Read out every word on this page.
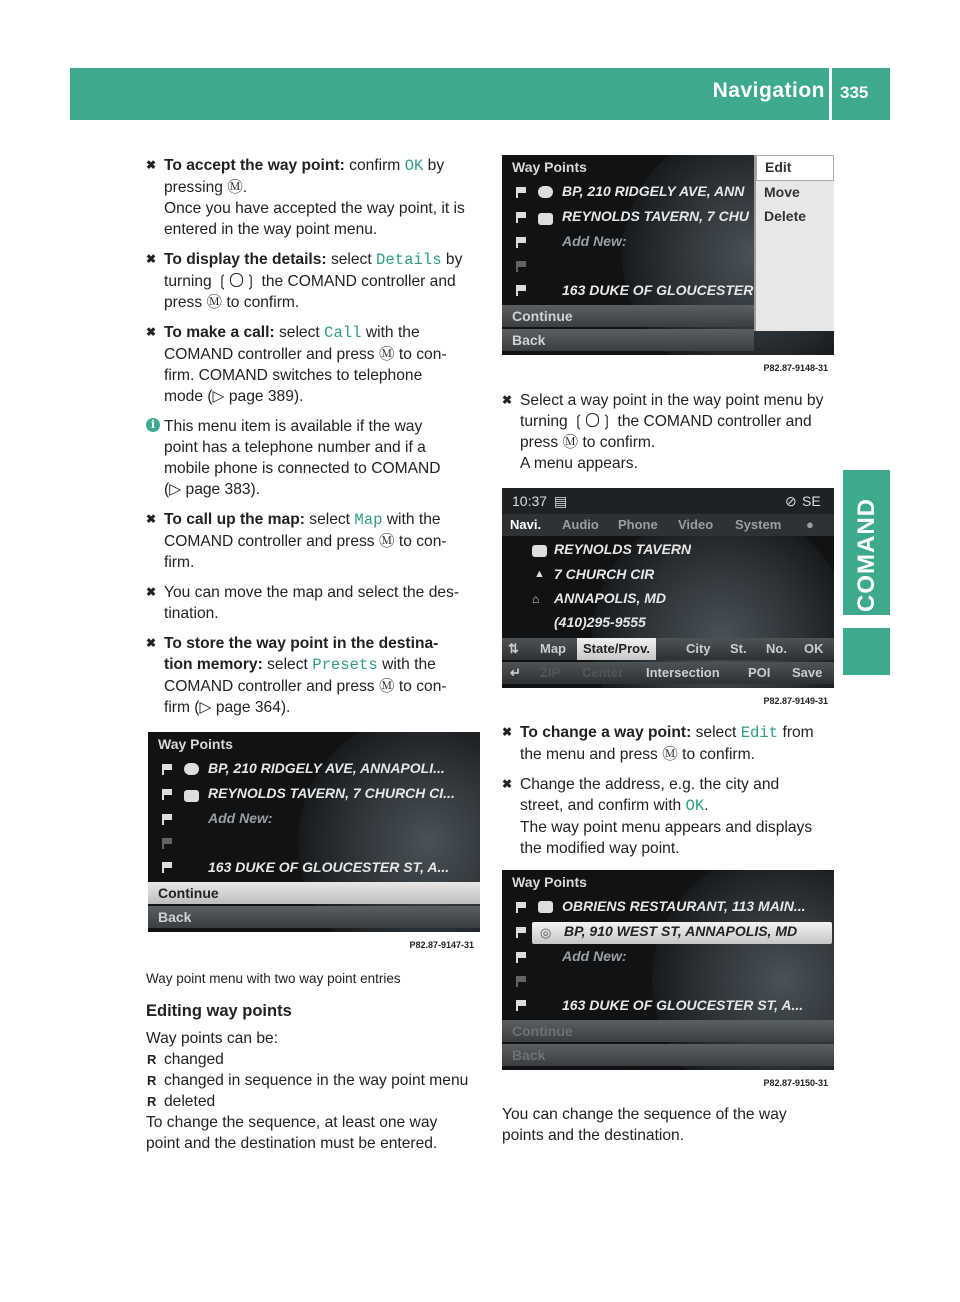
Navigation 335
COMAND
✖ To accept the way point: confirm OK by
pressing Ⓜ.
Once you have accepted the way point, it is
entered in the way point menu.
✖ To display the details: select Details by
turning ❲ ❳ the COMAND controller and
press Ⓜ to confirm.
✖ To make a call: select Call with the
COMAND controller and press Ⓜ to con-
firm. COMAND switches to telephone
mode (▷ page 389).
i This menu item is available if the way
point has a telephone number and if a
mobile phone is connected to COMAND
(▷ page 383).
✖ To call up the map: select Map with the
COMAND controller and press Ⓜ to con-
firm.
✖ You can move the map and select the des-
tination.
✖ To store the way point in the destina-
tion memory: select Presets with the
COMAND controller and press Ⓜ to con-
firm (▷ page 364).
Way Points
BP, 210 RIDGELY AVE, ANNAPOLI...
REYNOLDS TAVERN, 7 CHURCH CI...
Add New:
163 DUKE OF GLOUCESTER ST, A...
Continue
Back
P82.87-9147-31
Way point menu with two way point entries
Editing way points

Way points can be:

R changed
R changed in sequence in the way point menu
R deleted

To change the sequence, at least one way

point and the destination must be entered.

Way Points
BP, 210 RIDGELY AVE, ANN
REYNOLDS TAVERN, 7 CHU
Add New:
163 DUKE OF GLOUCESTER
Continue
Back
Edit
Move
Delete
P82.87-9148-31
✖ Select a way point in the way point menu by
turning ❲ ❳ the COMAND controller and
press Ⓜ to confirm.
A menu appears.
10:37 ▤	⊘ SE
Navi. Audio Phone Video System ●
REYNOLDS TAVERN
▲ 7 CHURCH CIR
⌂ ANNAPOLIS, MD
(410)295-9555
⇅ Map	State/Prov.	City St. No. OK
↵ ZIP Center Intersection POI Save
P82.87-9149-31
✖ To change a way point: select Edit from
the menu and press Ⓜ to confirm.
✖ Change the address, e.g. the city and
street, and confirm with OK.
The way point menu appears and displays
the modified way point.
Way Points
OBRIENS RESTAURANT, 113 MAIN...
◎ BP, 910 WEST ST, ANNAPOLIS, MD
Add New:
163 DUKE OF GLOUCESTER ST, A...
Continue
Back
P82.87-9150-31

You can change the sequence of the way

points and the destination.
